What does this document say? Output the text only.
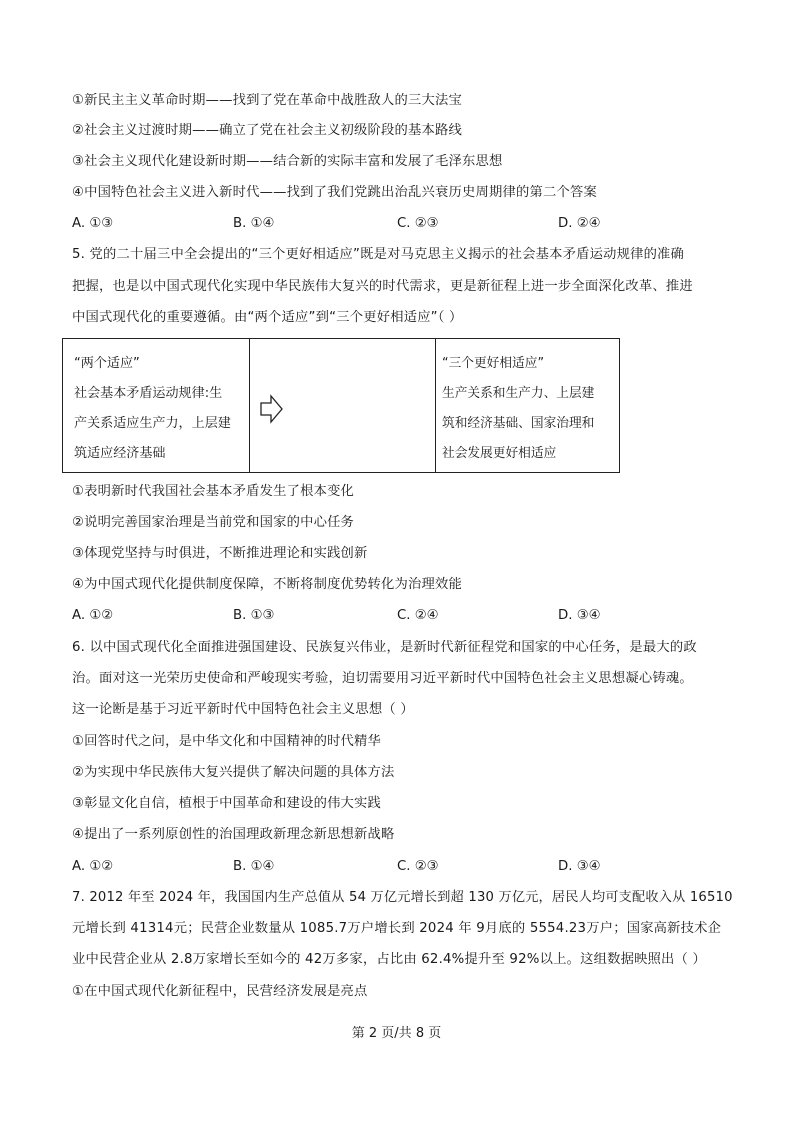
①新民主主义革命时期——找到了党在革命中战胜敌人的三大法宝
②社会主义过渡时期——确立了党在社会主义初级阶段的基本路线
③社会主义现代化建设新时期——结合新的实际丰富和发展了毛泽东思想
④中国特色社会主义进入新时代——找到了我们党跳出治乱兴衰历史周期律的第二个答案
A. ①③	B. ①④	C. ②③	D. ②④
5. 党的二十届三中全会提出的“三个更好相适应”既是对马克思主义揭示的社会基本矛盾运动规律的准确
把握，也是以中国式现代化实现中华民族伟大复兴的时代需求，更是新征程上进一步全面深化改革、推进
中国式现代化的重要遵循。由“两个适应”到“三个更好相适应”（ ）
“两个适应”
社会基本矛盾运动规律:生
产关系适应生产力，上层建
筑适应经济基础
“三个更好相适应”
生产关系和生产力、上层建
筑和经济基础、国家治理和
社会发展更好相适应
①表明新时代我国社会基本矛盾发生了根本变化
②说明完善国家治理是当前党和国家的中心任务
③体现党坚持与时俱进，不断推进理论和实践创新
④为中国式现代化提供制度保障，不断将制度优势转化为治理效能
A. ①②	B. ①③	C. ②④	D. ③④
6. 以中国式现代化全面推进强国建设、民族复兴伟业，是新时代新征程党和国家的中心任务，是最大的政
治。面对这一光荣历史使命和严峻现实考验，迫切需要用习近平新时代中国特色社会主义思想凝心铸魂。
这一论断是基于习近平新时代中国特色社会主义思想（ ）
①回答时代之问，是中华文化和中国精神的时代精华
②为实现中华民族伟大复兴提供了解决问题的具体方法
③彰显文化自信，植根于中国革命和建设的伟大实践
④提出了一系列原创性的治国理政新理念新思想新战略
A. ①②	B. ①④	C. ②③	D. ③④
7. 2012 年至 2024 年，我国国内生产总值从 54 万亿元增长到超 130 万亿元，居民人均可支配收入从 16510
元增长到 41314元；民营企业数量从 1085.7万户增长到 2024 年 9月底的 5554.23万户；国家高新技术企
业中民营企业从 2.8万家增长至如今的 42万多家，占比由 62.4%提升至 92%以上。这组数据映照出（ ）
①在中国式现代化新征程中，民营经济发展是亮点
第 2 页/共 8 页
